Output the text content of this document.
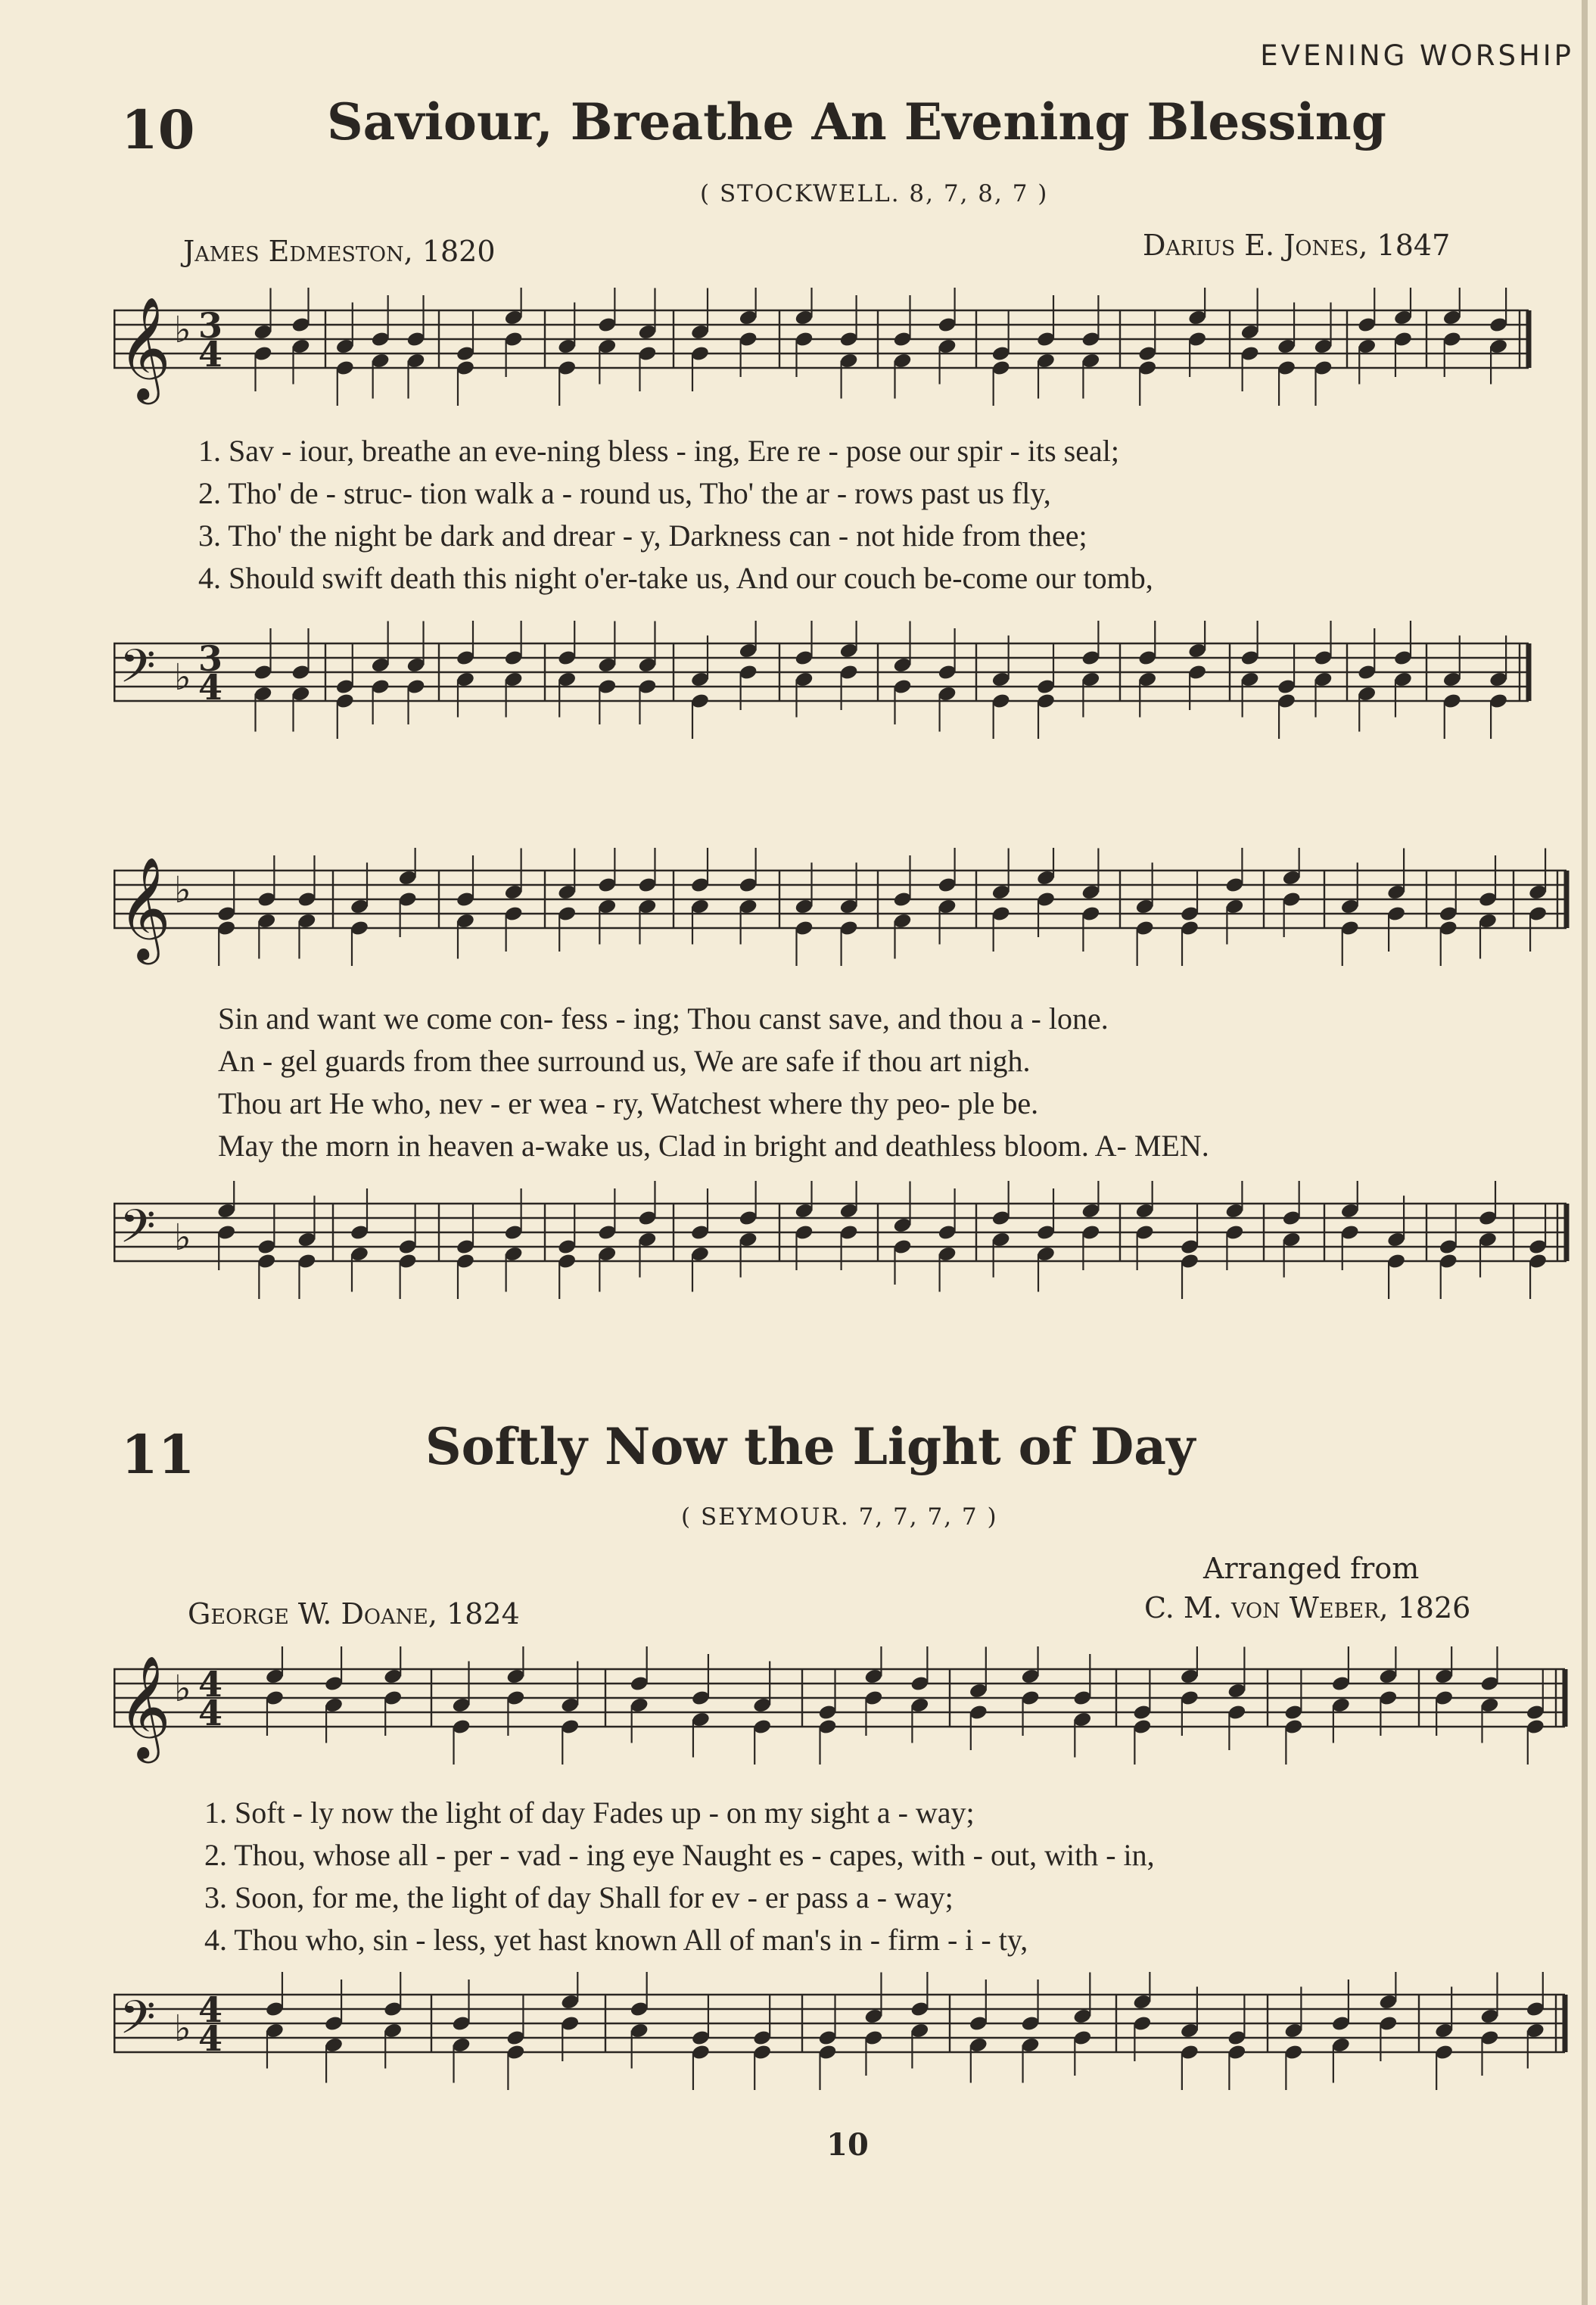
EVENING WORSHIP
10	Saviour, Breathe An Evening Blessing
( STOCKWELL. 8, 7, 8, 7 )
James Edmeston, 1820	Darius E. Jones, 1847
𝄞 ♭ 3
4
1. Sav - iour, breathe an eve-ning bless - ing, Ere re - pose our spir - its seal;
2. Tho' de - struc- tion walk a - round us, Tho' the ar - rows past us fly,
3. Tho' the night be dark and drear - y, Darkness can - not hide from thee;
4. Should swift death this night o'er-take us, And our couch be-come our tomb,
𝄢 ♭ 3
4
𝄞 ♭
Sin and want we come con- fess - ing; Thou canst save, and thou a - lone.
An - gel guards from thee surround us, We are safe if thou art nigh.
Thou art He who, nev - er wea - ry, Watchest where thy peo- ple be.
May the morn in heaven a-wake us, Clad in bright and deathless bloom. A- MEN.
𝄢 ♭
11	Softly Now the Light of Day
( SEYMOUR. 7, 7, 7, 7 )
Arranged from
George W. Doane, 1824	C. M. von Weber, 1826
𝄞 ♭ 4
4
1. Soft - ly now the light of day Fades up - on my sight a - way;
2. Thou, whose all - per - vad - ing eye Naught es - capes, with - out, with - in,
3. Soon, for me, the light of day Shall for ev - er pass a - way;
4. Thou who, sin - less, yet hast known All of man's in - firm - i - ty,
𝄢 ♭ 4
4
10
